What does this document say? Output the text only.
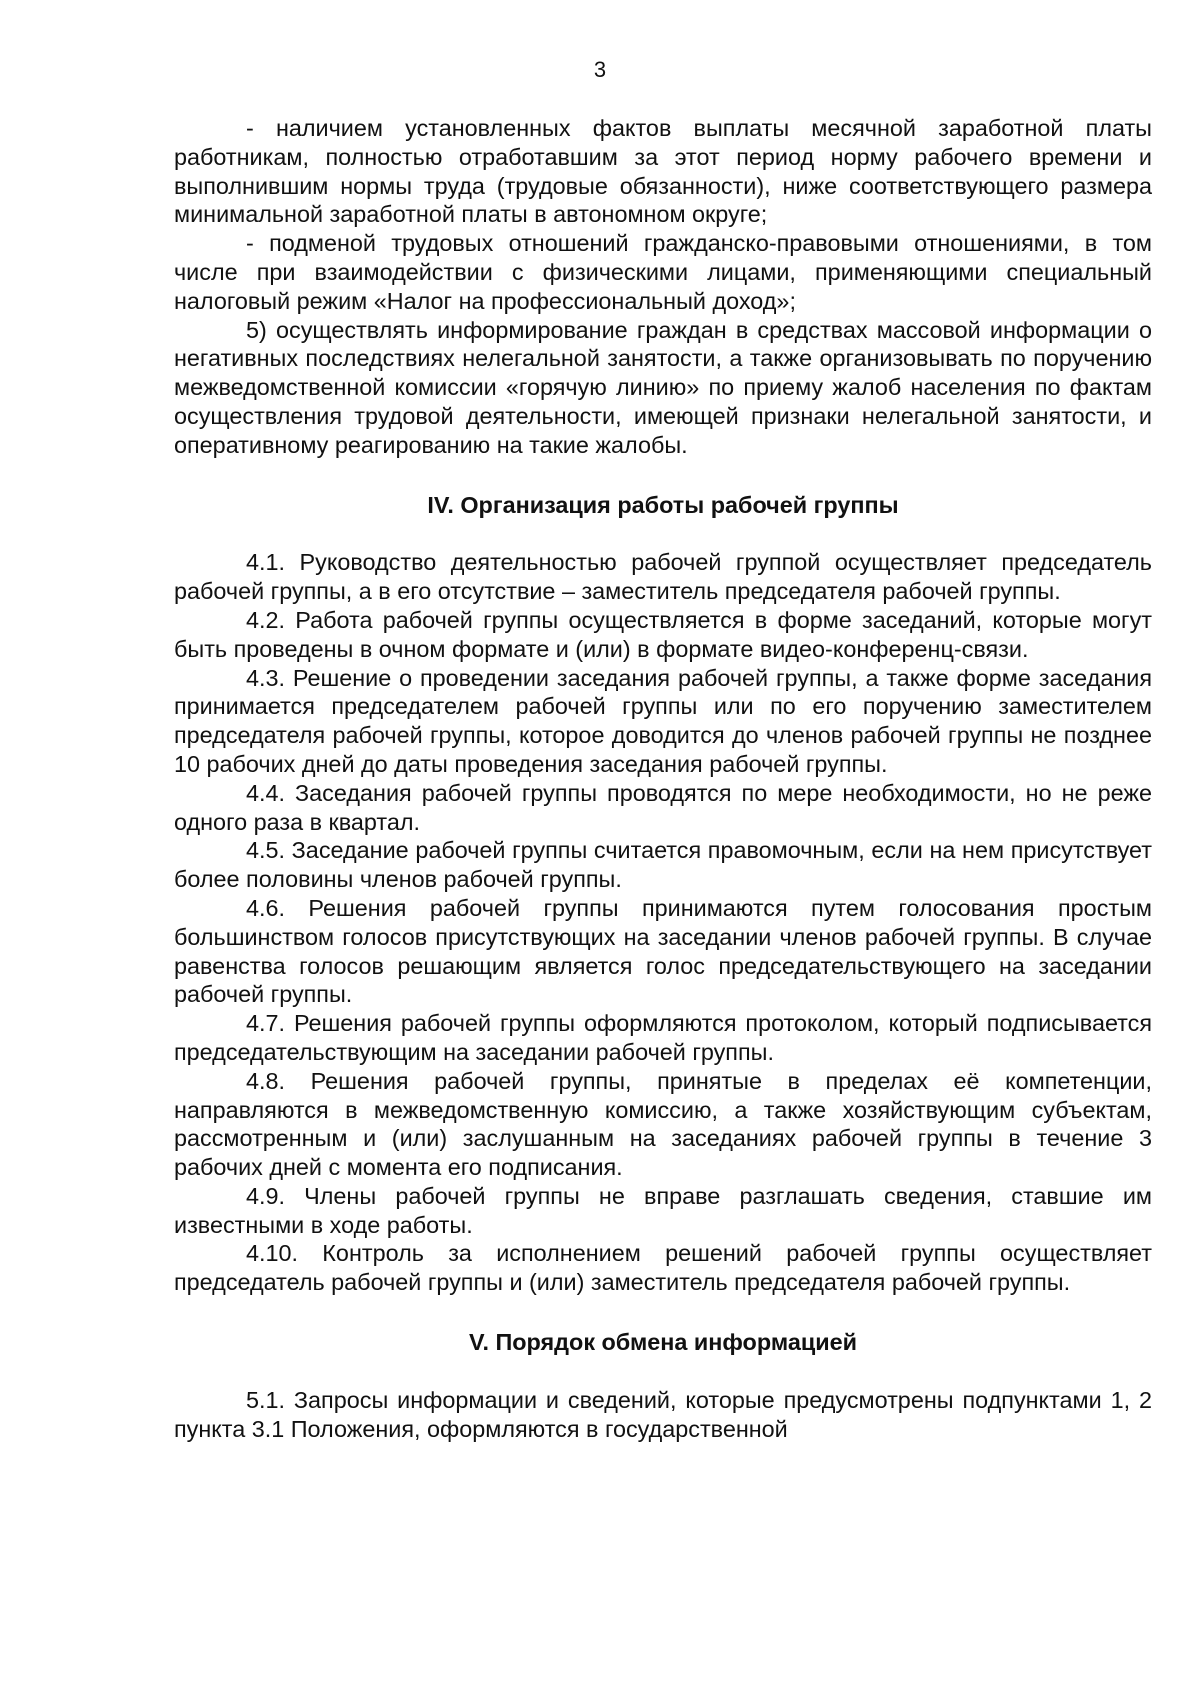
3

- наличием установленных фактов выплаты месячной заработной платы работникам, полностью отработавшим за этот период норму рабочего времени и выполнившим нормы труда (трудовые обязанности), ниже соответствующего размера минимальной заработной платы в автономном округе;

- подменой трудовых отношений гражданско-правовыми отношениями, в том числе при взаимодействии с физическими лицами, применяющими специальный налоговый режим «Налог на профессиональный доход»;

5) осуществлять информирование граждан в средствах массовой информации о негативных последствиях нелегальной занятости, а также организовывать по поручению межведомственной комиссии «горячую линию» по приему жалоб населения по фактам осуществления трудовой деятельности, имеющей признаки нелегальной занятости, и оперативному реагированию на такие жалобы.

IV. Организация работы рабочей группы

4.1. Руководство деятельностью рабочей группой осуществляет председатель рабочей группы, а в его отсутствие – заместитель председателя рабочей группы.

4.2. Работа рабочей группы осуществляется в форме заседаний, которые могут быть проведены в очном формате и (или) в формате видео-конференц-связи.

4.3. Решение о проведении заседания рабочей группы, а также форме заседания принимается председателем рабочей группы или по его поручению заместителем председателя рабочей группы, которое доводится до членов рабочей группы не позднее 10 рабочих дней до даты проведения заседания рабочей группы.

4.4. Заседания рабочей группы проводятся по мере необходимости, но не реже одного раза в квартал.

4.5. Заседание рабочей группы считается правомочным, если на нем присутствует более половины членов рабочей группы.

4.6. Решения рабочей группы принимаются путем голосования простым большинством голосов присутствующих на заседании членов рабочей группы. В случае равенства голосов решающим является голос председательствующего на заседании рабочей группы.

4.7. Решения рабочей группы оформляются протоколом, который подписывается председательствующим на заседании рабочей группы.

4.8. Решения рабочей группы, принятые в пределах её компетенции, направляются в межведомственную комиссию, а также хозяйствующим субъектам, рассмотренным и (или) заслушанным на заседаниях рабочей группы в течение 3 рабочих дней с момента его подписания.

4.9. Члены рабочей группы не вправе разглашать сведения, ставшие им известными в ходе работы.

4.10. Контроль за исполнением решений рабочей группы осуществляет председатель рабочей группы и (или) заместитель председателя рабочей группы.

V. Порядок обмена информацией

5.1. Запросы информации и сведений, которые предусмотрены подпунктами 1, 2 пункта 3.1 Положения, оформляются в государственной
